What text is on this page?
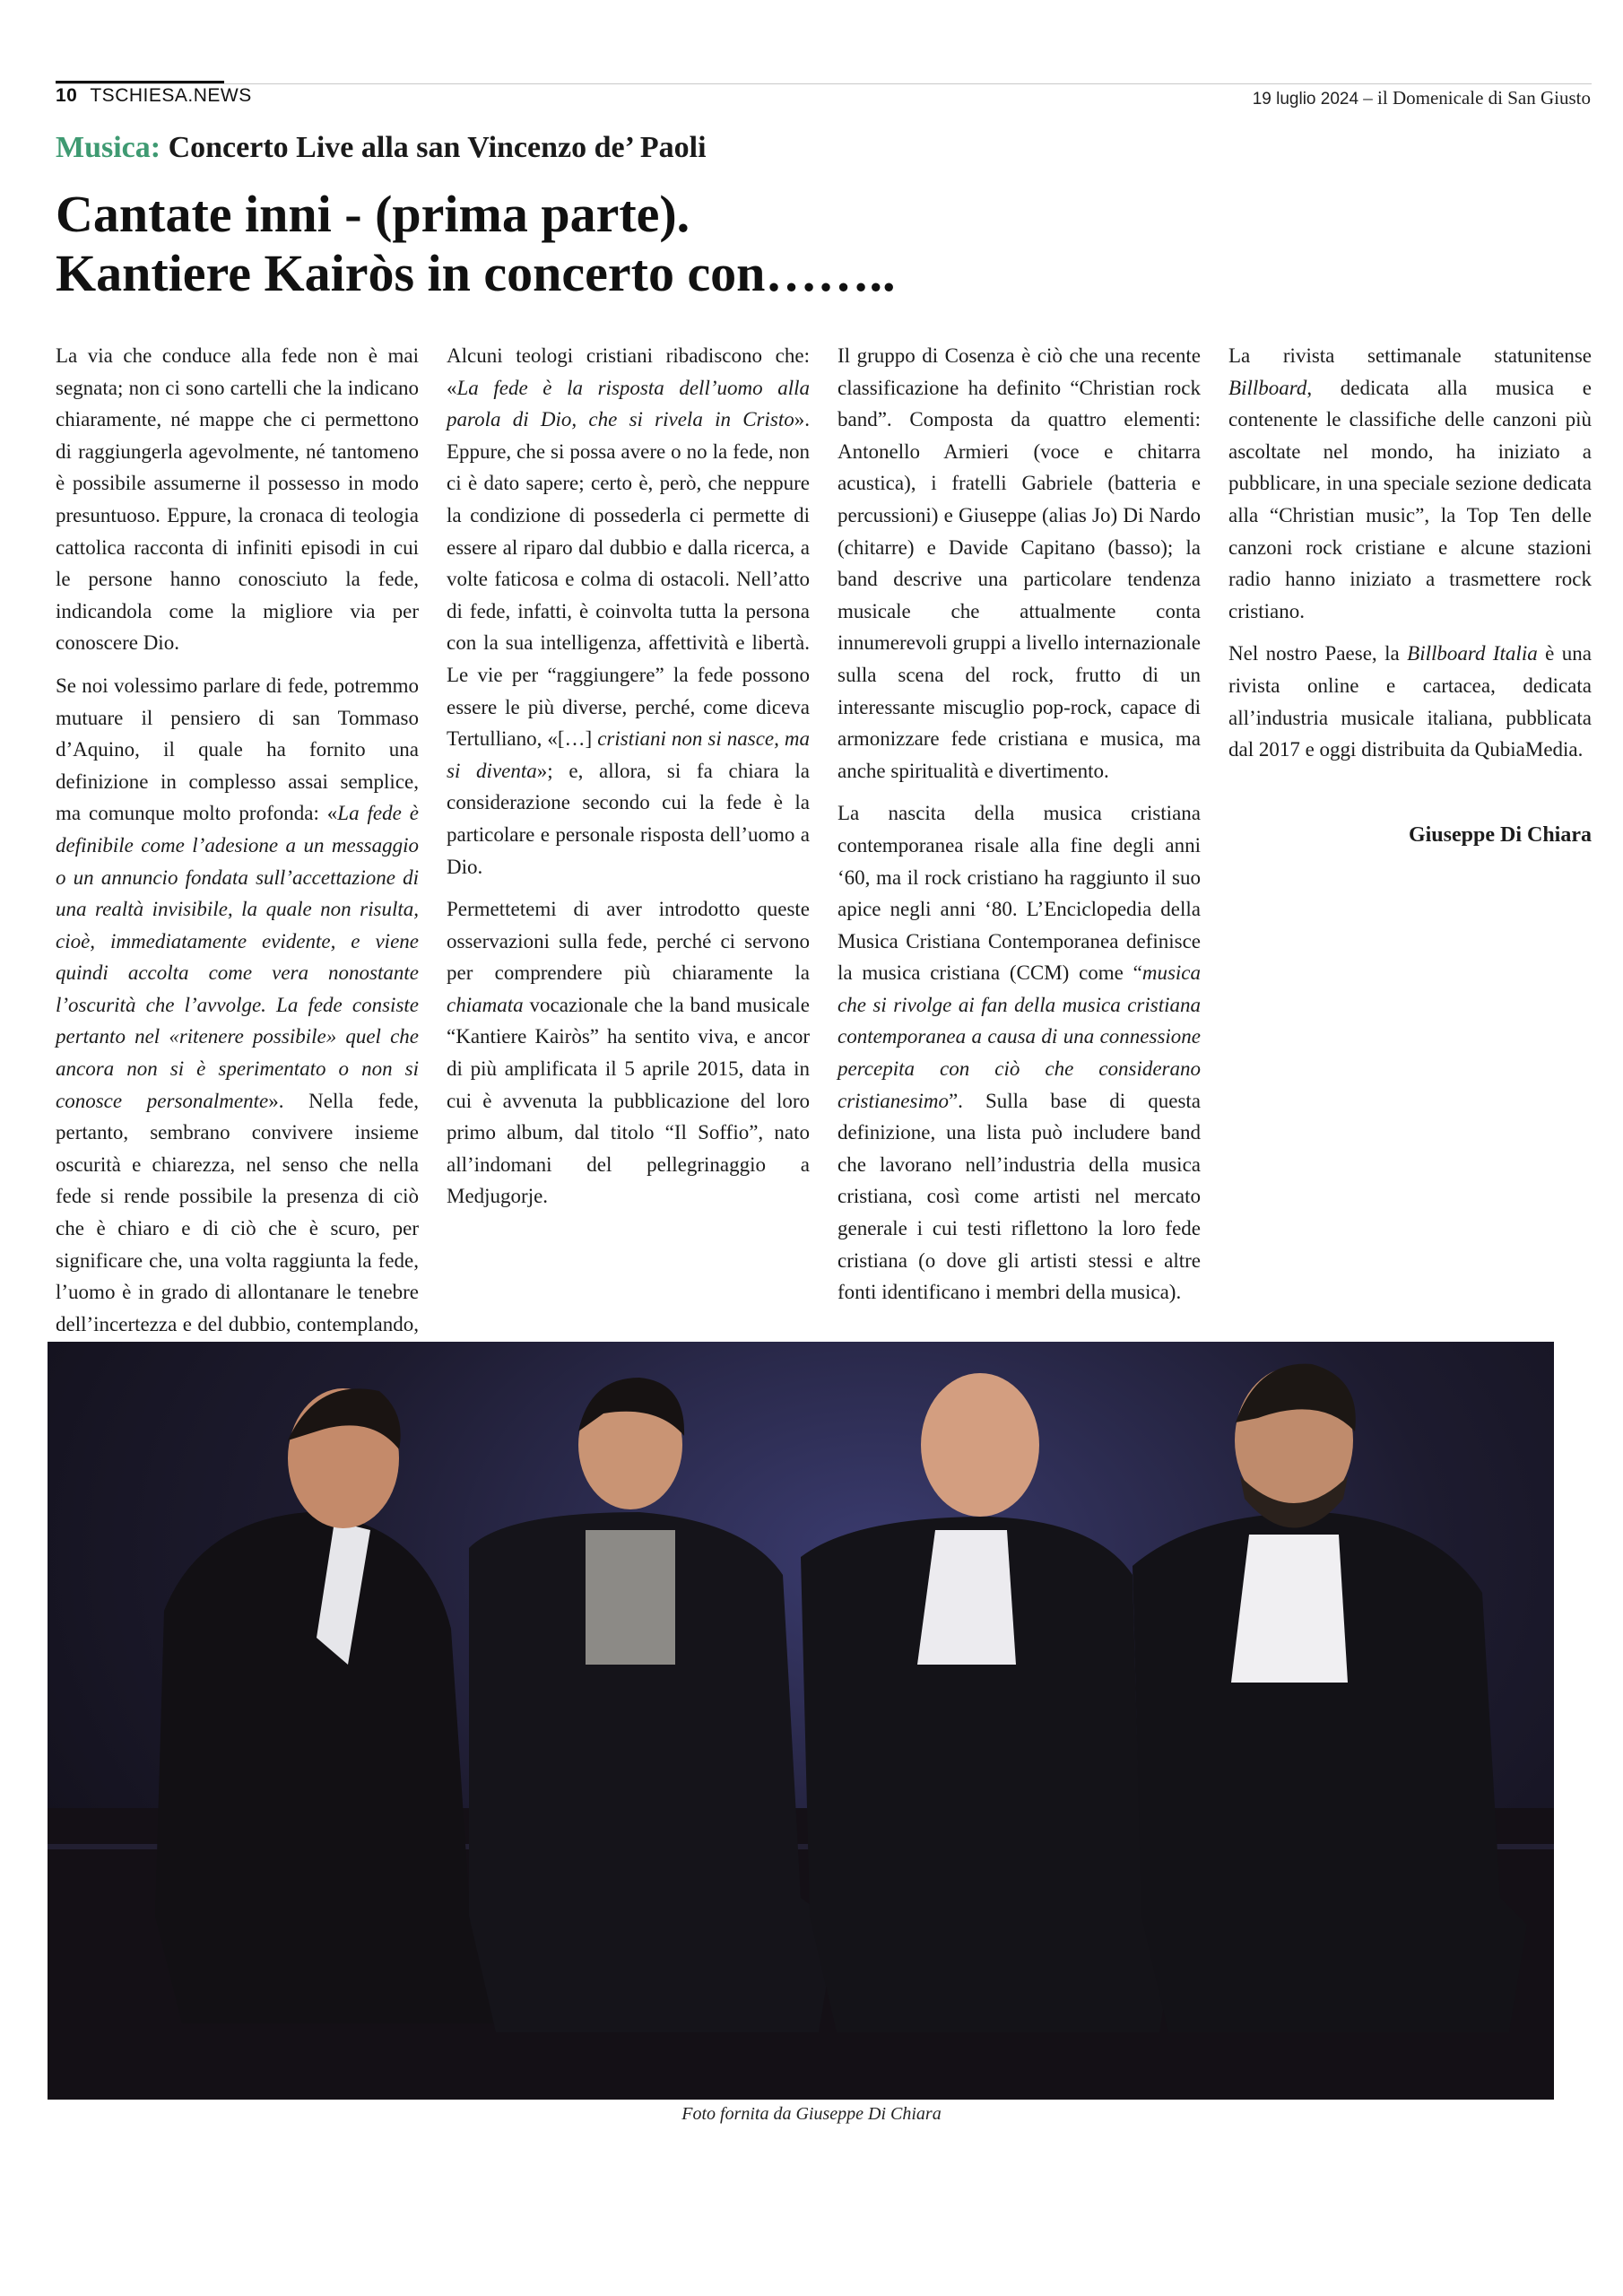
10 TSCHIESA.NEWS	19 luglio 2024 – il Domenicale di San Giusto
Musica: Concerto Live alla san Vincenzo de’ Paoli
Cantate inni - (prima parte).
Kantiere Kairòs in concerto con……..

La via che conduce alla fede non è mai segnata; non ci sono cartelli che la indicano chiaramente, né mappe che ci permettono di raggiungerla agevolmente, né tantomeno è possibile assumerne il possesso in modo presuntuoso. Eppure, la cronaca di teologia cattolica racconta di infiniti episodi in cui le persone hanno conosciuto la fede, indicandola come la migliore via per conoscere Dio.

Se noi volessimo parlare di fede, potremmo mutuare il pensiero di san Tommaso d’Aquino, il quale ha fornito una definizione in complesso assai semplice, ma comunque molto profonda: «La fede è definibile come l’adesione a un messaggio o un annuncio fondata sull’accettazione di una realtà invisibile, la quale non risulta, cioè, immediatamente evidente, e viene quindi accolta come vera nonostante l’oscurità che l’avvolge. La fede consiste pertanto nel «ritenere possibile» quel che ancora non si è sperimentato o non si conosce personalmente». Nella fede, pertanto, sembrano convivere insieme oscurità e chiarezza, nel senso che nella fede si rende possibile la presenza di ciò che è chiaro e di ciò che è scuro, per significare che, una volta raggiunta la fede, l’uomo è in grado di allontanare le tenebre dell’incertezza e del dubbio, contemplando,

Alcuni teologi cristiani ribadiscono che: «La fede è la risposta dell’uomo alla parola di Dio, che si rivela in Cristo». Eppure, che si possa avere o no la fede, non ci è dato sapere; certo è, però, che neppure la condizione di possederla ci permette di essere al riparo dal dubbio e dalla ricerca, a volte faticosa e colma di ostacoli. Nell’atto di fede, infatti, è coinvolta tutta la persona con la sua intelligenza, affettività e libertà. Le vie per “raggiungere” la fede possono essere le più diverse, perché, come diceva Tertulliano, «[…] cristiani non si nasce, ma si diventa»; e, allora, si fa chiara la considerazione secondo cui la fede è la particolare e personale risposta dell’uomo a Dio.

Permettetemi di aver introdotto queste osservazioni sulla fede, perché ci servono per comprendere più chiaramente la chiamata vocazionale che la band musicale “Kantiere Kairòs” ha sentito viva, e ancor di più amplificata il 5 aprile 2015, data in cui è avvenuta la pubblicazione del loro primo album, dal titolo “Il Soffio”, nato all’indomani del pellegrinaggio a Medjugorje.

Il gruppo di Cosenza è ciò che una recente classificazione ha definito “Christian rock band”. Composta da quattro elementi: Antonello Armieri (voce e chitarra acustica), i fratelli Gabriele (batteria e percussioni) e Giuseppe (alias Jo) Di Nardo (chitarre) e Davide Capitano (basso); la band descrive una particolare tendenza musicale che attualmente conta innumerevoli gruppi a livello internazionale sulla scena del rock, frutto di un interessante miscuglio pop-rock, capace di armonizzare fede cristiana e musica, ma anche spiritualità e divertimento.

La nascita della musica cristiana contemporanea risale alla fine degli anni ‘60, ma il rock cristiano ha raggiunto il suo apice negli anni ‘80. L’Enciclopedia della Musica Cristiana Contemporanea definisce la musica cristiana (CCM) come “musica che si rivolge ai fan della musica cristiana contemporanea a causa di una connessione percepita con ciò che considerano cristianesimo”. Sulla base di questa definizione, una lista può includere band che lavorano nell’industria della musica cristiana, così come artisti nel mercato generale i cui testi riflettono la loro fede cristiana (o dove gli artisti stessi e altre fonti identificano i membri della musica).

La rivista settimanale statunitense Billboard, dedicata alla musica e contenente le classifiche delle canzoni più ascoltate nel mondo, ha iniziato a pubblicare, in una speciale sezione dedicata alla “Christian music”, la Top Ten delle canzoni rock cristiane e alcune stazioni radio hanno iniziato a trasmettere rock cristiano.

Nel nostro Paese, la Billboard Italia è una rivista online e cartacea, dedicata all’industria musicale italiana, pubblicata dal 2017 e oggi distribuita da QubiaMedia.

Giuseppe Di Chiara
Foto fornita da Giuseppe Di Chiara
